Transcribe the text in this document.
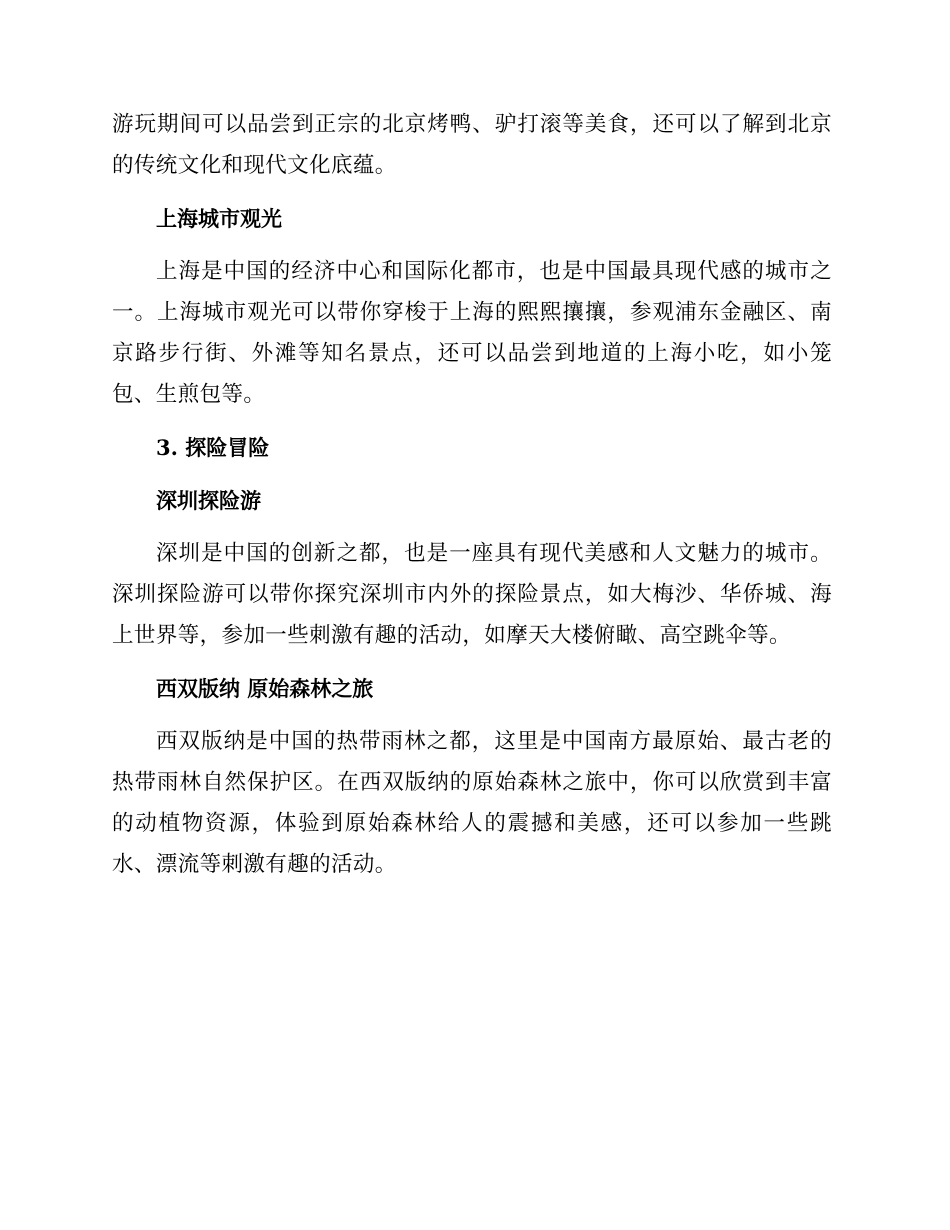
游玩期间可以品尝到正宗的北京烤鸭、驴打滚等美食，还可以了解到北京的传统文化和现代文化底蕴。

上海城市观光

上海是中国的经济中心和国际化都市，也是中国最具现代感的城市之一。上海城市观光可以带你穿梭于上海的熙熙攘攘，参观浦东金融区、南京路步行街、外滩等知名景点，还可以品尝到地道的上海小吃，如小笼包、生煎包等。

3. 探险冒险
深圳探险游

深圳是中国的创新之都，也是一座具有现代美感和人文魅力的城市。深圳探险游可以带你探究深圳市内外的探险景点，如大梅沙、华侨城、海上世界等，参加一些刺激有趣的活动，如摩天大楼俯瞰、高空跳伞等。

西双版纳 原始森林之旅

西双版纳是中国的热带雨林之都，这里是中国南方最原始、最古老的热带雨林自然保护区。在西双版纳的原始森林之旅中，你可以欣赏到丰富的动植物资源，体验到原始森林给人的震撼和美感，还可以参加一些跳水、漂流等刺激有趣的活动。
